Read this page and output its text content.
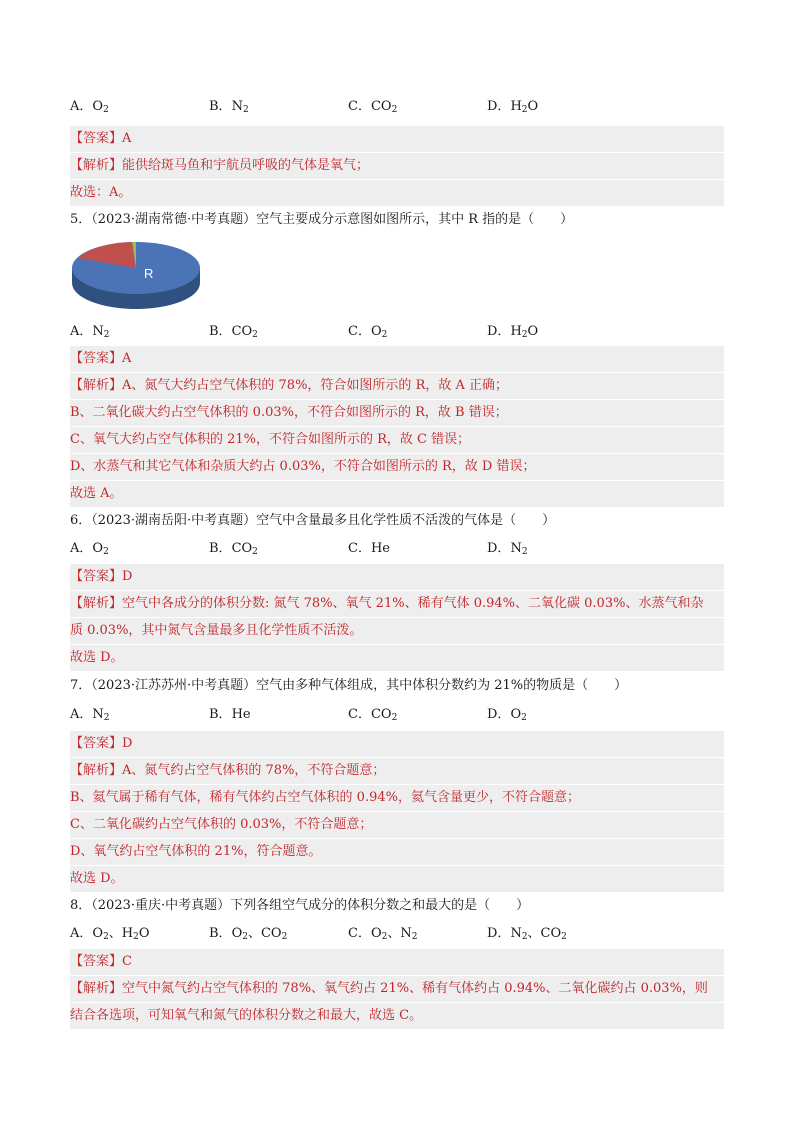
A．$O_2$	B．$N_2$	C．$CO_2$	D．$H_2O$
【答案】A
【解析】能供给斑马鱼和宇航员呼吸的气体是氧气；
故选：A。
5．（2023·湖南常德·中考真题）空气主要成分示意图如图所示，其中 R 指的是（　　）
R
A．$N_2$	B．$CO_2$	C．$O_2$	D．$H_2O$
【答案】A
【解析】A、氮气大约占空气体积的 78%，符合如图所示的 R，故 A 正确；
B、二氧化碳大约占空气体积的 0.03%，不符合如图所示的 R，故 B 错误；
C、氧气大约占空气体积的 21%，不符合如图所示的 R，故 C 错误；
D、水蒸气和其它气体和杂质大约占 0.03%，不符合如图所示的 R，故 D 错误；
故选 A。
6．（2023·湖南岳阳·中考真题）空气中含量最多且化学性质不活泼的气体是（　　）
A．$O_2$	B．$CO_2$	C．He	D．$N_2$
【答案】D
【解析】空气中各成分的体积分数: 氮气 78%、氧气 21%、稀有气体 0.94%、二氧化碳 0.03%、水蒸气和杂
质 0.03%，其中氮气含量最多且化学性质不活泼。
故选 D。
7．（2023·江苏苏州·中考真题）空气由多种气体组成，其中体积分数约为 21%的物质是（　　）
A．$N_2$	B．He	C．$CO_2$	D．$O_2$
【答案】D
【解析】A、氮气约占空气体积的 78%，不符合题意；
B、氦气属于稀有气体，稀有气体约占空气体积的 0.94%，氦气含量更少，不符合题意；
C、二氧化碳约占空气体积的 0.03%，不符合题意；
D、氧气约占空气体积的 21%，符合题意。
故选 D。
8．（2023·重庆·中考真题）下列各组空气成分的体积分数之和最大的是（　　）
A．$O_2$、$H_2O$	B．$O_2$、$CO_2$	C．$O_2$、$N_2$	D．$N_2$、$CO_2$
【答案】C
【解析】空气中氮气约占空气体积的 78%、氧气约占 21%、稀有气体约占 0.94%、二氧化碳约占 0.03%，则
结合各选项，可知氧气和氮气的体积分数之和最大，故选 C。
